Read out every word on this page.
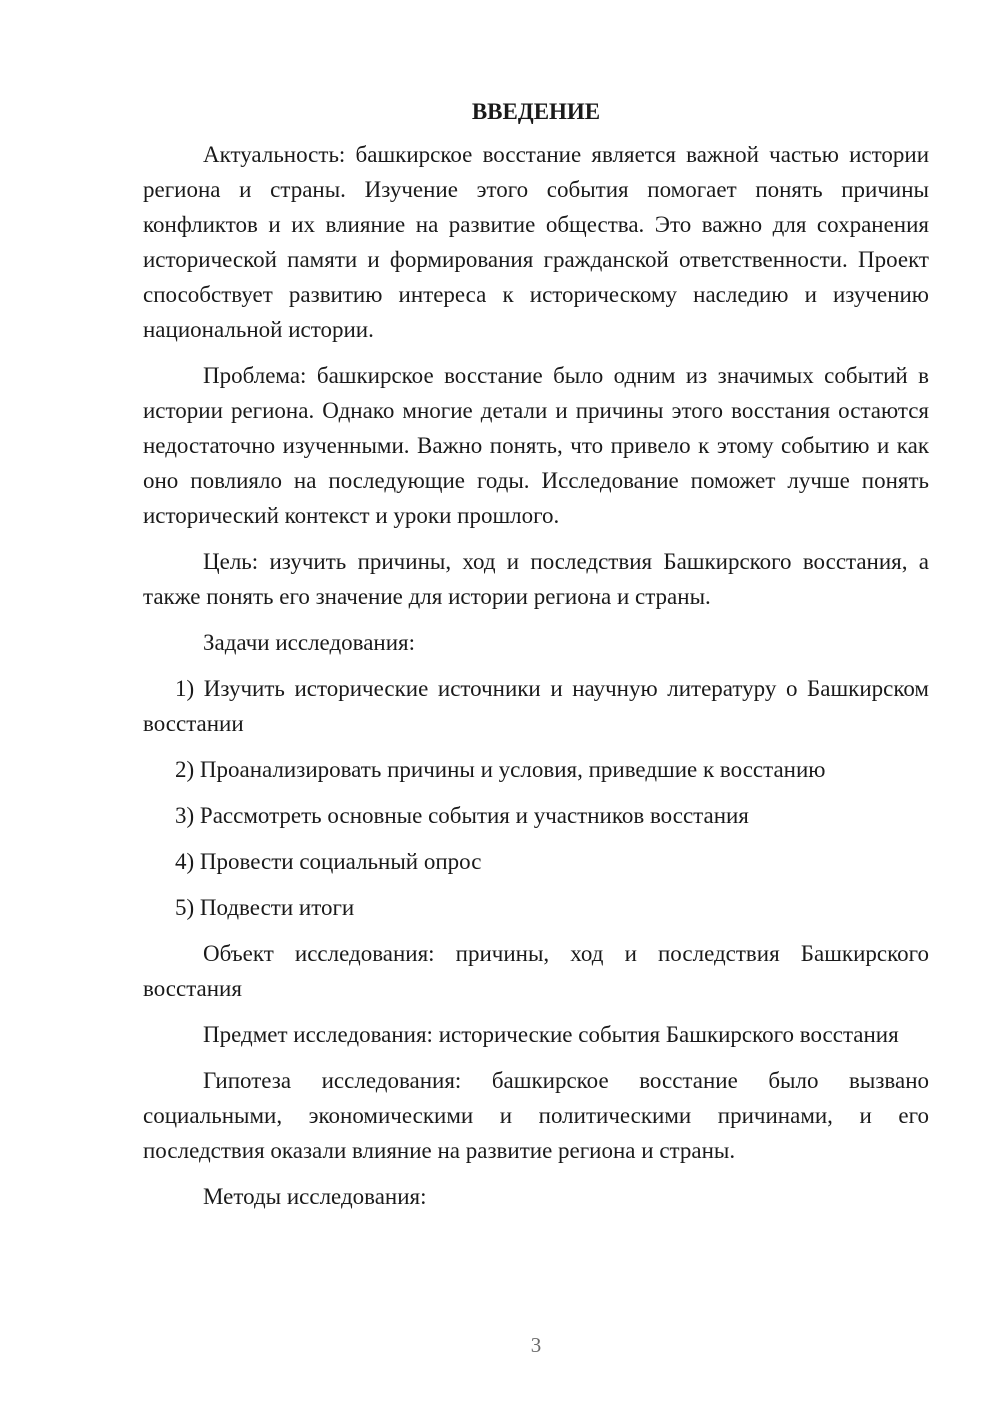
ВВЕДЕНИЕ
Актуальность: башкирское восстание является важной частью истории региона и страны. Изучение этого события помогает понять причины конфликтов и их влияние на развитие общества. Это важно для сохранения исторической памяти и формирования гражданской ответственности. Проект способствует развитию интереса к историческому наследию и изучению национальной истории.
Проблема: башкирское восстание было одним из значимых событий в истории региона. Однако многие детали и причины этого восстания остаются недостаточно изученными. Важно понять, что привело к этому событию и как оно повлияло на последующие годы. Исследование поможет лучше понять исторический контекст и уроки прошлого.
Цель: изучить причины, ход и последствия Башкирского восстания, а также понять его значение для истории региона и страны.
Задачи исследования:
1) Изучить исторические источники и научную литературу о Башкирском восстании
2) Проанализировать причины и условия, приведшие к восстанию
3) Рассмотреть основные события и участников восстания
4) Провести социальный опрос
5) Подвести итоги
Объект исследования: причины, ход и последствия Башкирского восстания
Предмет исследования: исторические события Башкирского восстания
Гипотеза исследования: башкирское восстание было вызвано социальными, экономическими и политическими причинами, и его последствия оказали влияние на развитие региона и страны.
Методы исследования:
3
